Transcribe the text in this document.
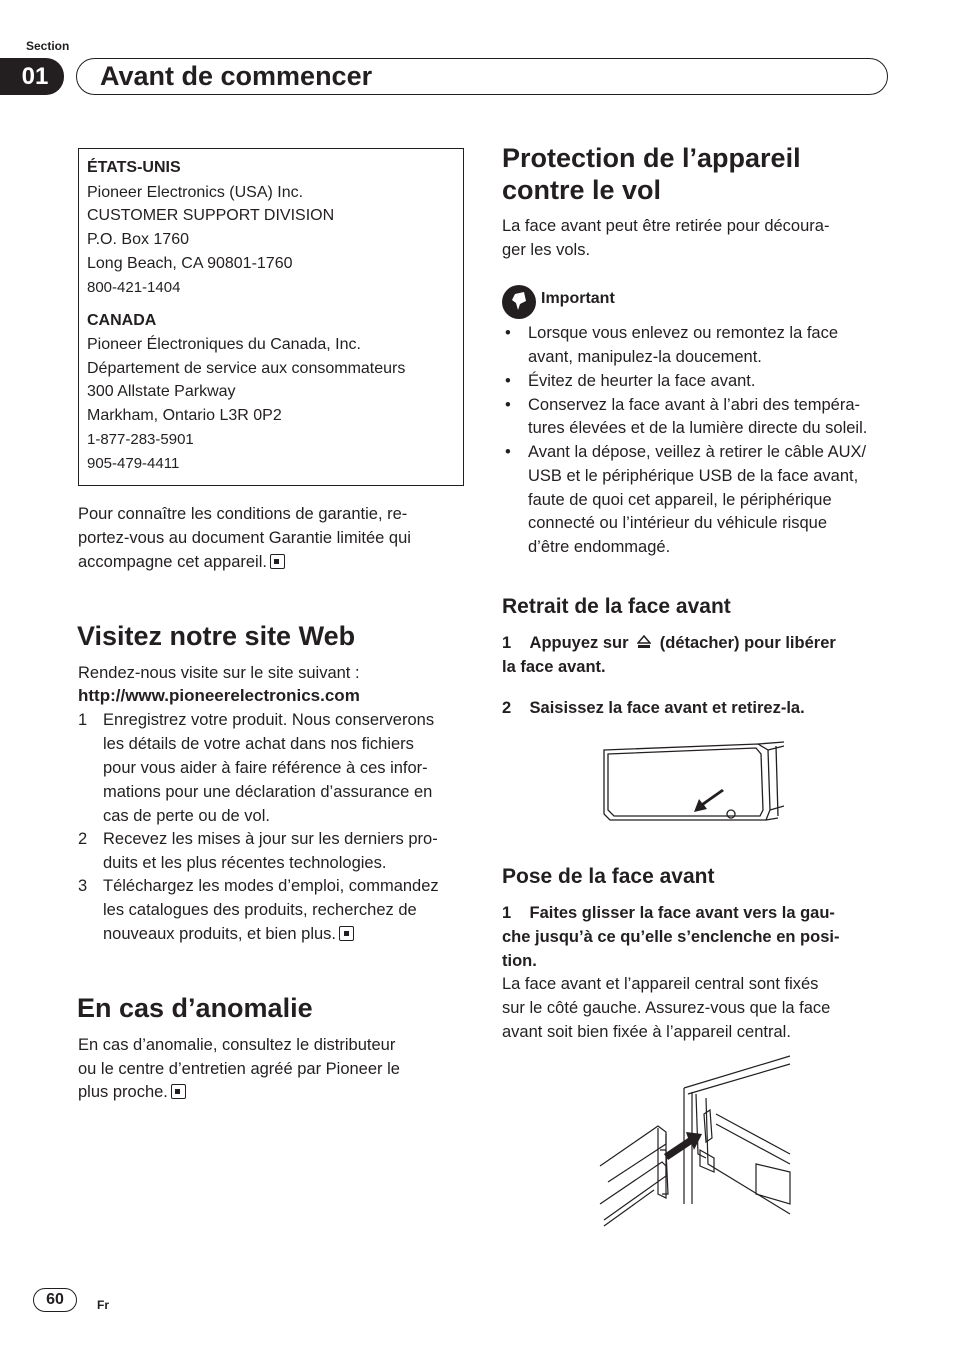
Section
01	Avant de commencer
ÉTATS-UNIS
Pioneer Electronics (USA) Inc.
CUSTOMER SUPPORT DIVISION
P.O. Box 1760
Long Beach, CA 90801-1760
800-421-1404
CANADA
Pioneer Électroniques du Canada, Inc.
Département de service aux consommateurs
300 Allstate Parkway
Markham, Ontario L3R 0P2
1-877-283-5901
905-479-4411
Pour connaître les conditions de garantie, re-
portez-vous au document Garantie limitée qui
accompagne cet appareil.
Visitez notre site Web
Rendez-nous visite sur le site suivant :
http://www.pioneerelectronics.com
1 Enregistrez votre produit. Nous conserverons
les détails de votre achat dans nos fichiers
pour vous aider à faire référence à ces infor-
mations pour une déclaration d’assurance en
cas de perte ou de vol.
2 Recevez les mises à jour sur les derniers pro-
duits et les plus récentes technologies.
3 Téléchargez les modes d’emploi, commandez
les catalogues des produits, recherchez de
nouveaux produits, et bien plus.
En cas d’anomalie
En cas d’anomalie, consultez le distributeur
ou le centre d’entretien agréé par Pioneer le
plus proche.
Protection de l’appareil
contre le vol
La face avant peut être retirée pour découra-
ger les vols.
Important
• Lorsque vous enlevez ou remontez la face
avant, manipulez-la doucement.
• Évitez de heurter la face avant.
• Conservez la face avant à l’abri des tempéra-
tures élevées et de la lumière directe du soleil.
• Avant la dépose, veillez à retirer le câble AUX/
USB et le périphérique USB de la face avant,
faute de quoi cet appareil, le périphérique
connecté ou l’intérieur du véhicule risque
d’être endommagé.
Retrait de la face avant
1 Appuyez sur (détacher) pour libérer
la face avant.
2    Saisissez la face avant et retirez-la.
Pose de la face avant
1    Faites glisser la face avant vers la gau-
che jusqu’à ce qu’elle s’enclenche en posi-
tion.
La face avant et l’appareil central sont fixés
sur le côté gauche. Assurez-vous que la face
avant soit bien fixée à l’appareil central.
60	Fr
